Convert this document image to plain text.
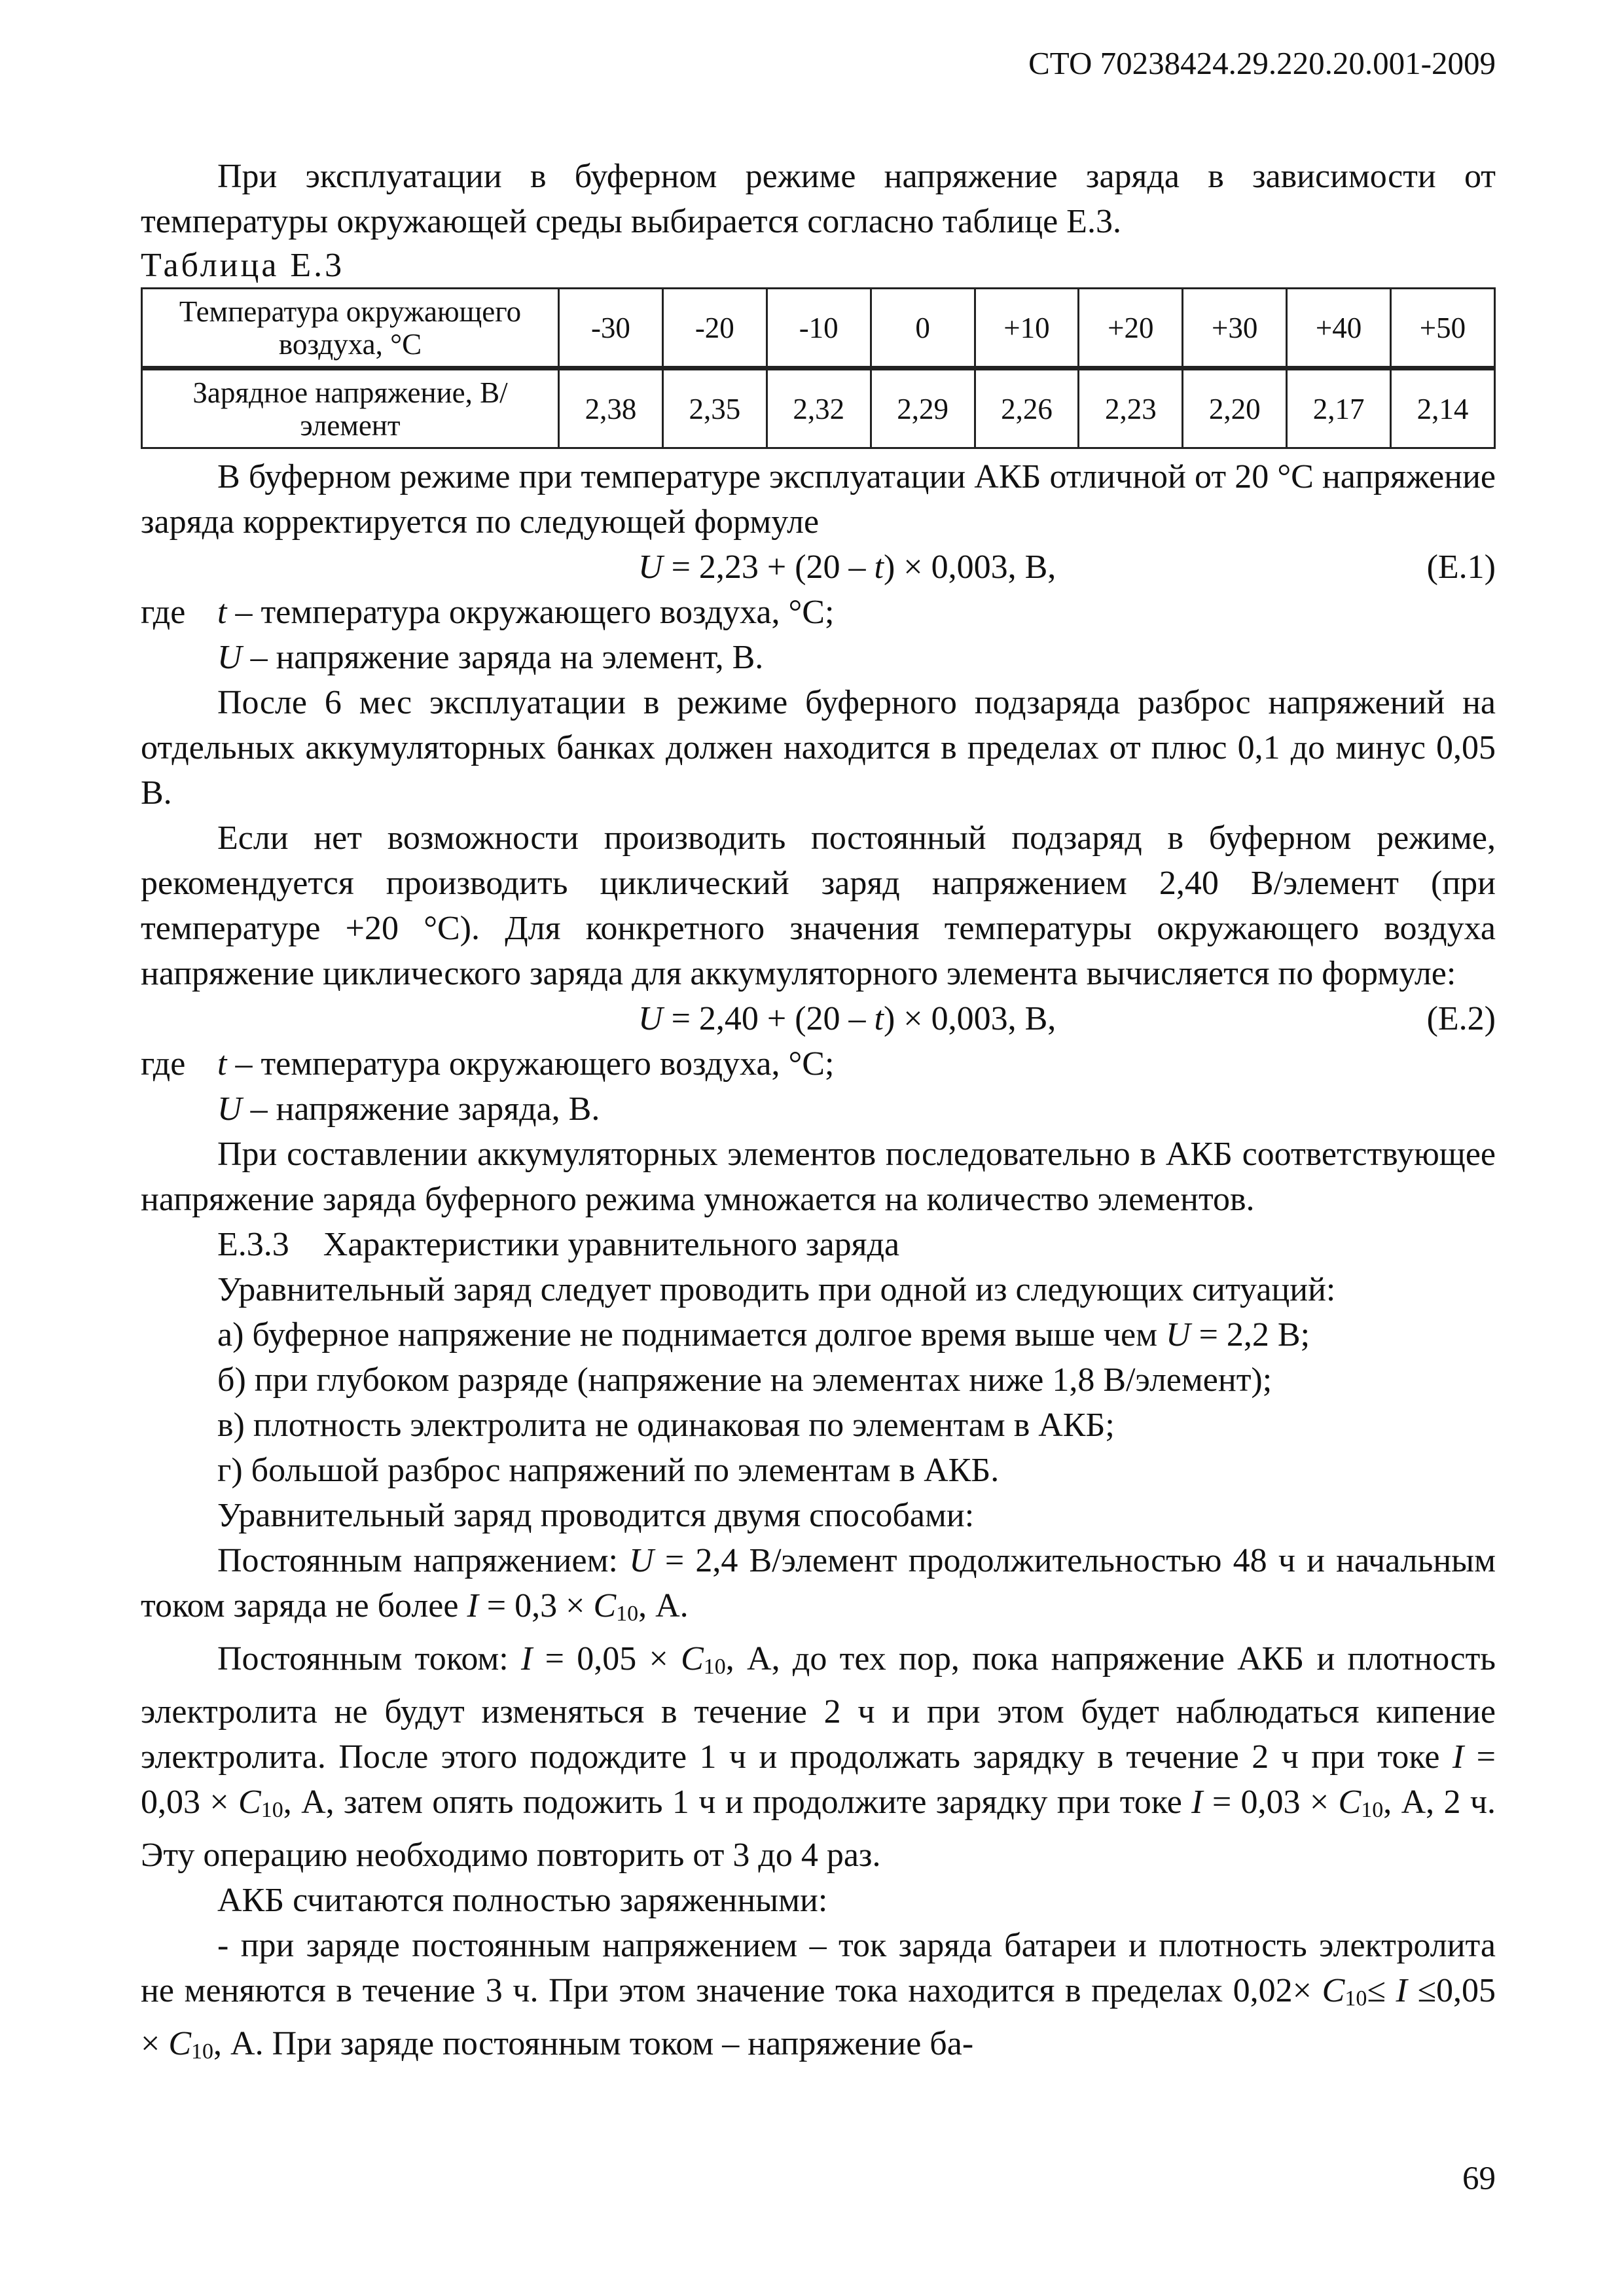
СТО 70238424.29.220.20.001-2009

При эксплуатации в буферном режиме напряжение заряда в зависимости от температуры окружающей среды выбирается согласно таблице Е.3.

Таблица Е.3

Температура окружающего воздуха, °С	-30	-20	-10	0	+10	+20	+30	+40	+50
Зарядное напряжение, В/элемент	2,38	2,35	2,32	2,29	2,26	2,23	2,20	2,17	2,14

В буферном режиме при температуре эксплуатации АКБ отличной от 20 °С напряжение заряда корректируется по следующей формуле

U = 2,23 + (20 – t) × 0,003, В,	(Е.1)
где t – температура окружающего воздуха, °С;
U – напряжение заряда на элемент, В.

После 6 мес эксплуатации в режиме буферного подзаряда разброс напряжений на отдельных аккумуляторных банках должен находится в пределах от плюс 0,1 до минус 0,05 В.

Если нет возможности производить постоянный подзаряд в буферном режиме, рекомендуется производить циклический заряд напряжением 2,40 В/элемент (при температуре +20 °С). Для конкретного значения температуры окружающего воздуха напряжение циклического заряда для аккумуляторного элемента вычисляется по формуле:

U = 2,40 + (20 – t) × 0,003, В,	(Е.2)
где t – температура окружающего воздуха, °С;
U – напряжение заряда, В.

При составлении аккумуляторных элементов последовательно в АКБ соответствующее напряжение заряда буферного режима умножается на количество элементов.

Е.3.3 Характеристики уравнительного заряда

Уравнительный заряд следует проводить при одной из следующих ситуаций:

а) буферное напряжение не поднимается долгое время выше чем U = 2,2 В;
б) при глубоком разряде (напряжение на элементах ниже 1,8 В/элемент);
в) плотность электролита не одинаковая по элементам в АКБ;
г) большой разброс напряжений по элементам в АКБ.

Уравнительный заряд проводится двумя способами:

Постоянным напряжением: U = 2,4 В/элемент продолжительностью 48 ч и начальным током заряда не более I = 0,3 × C10, А.

Постоянным током: I = 0,05 × C10, А, до тех пор, пока напряжение АКБ и плотность электролита не будут изменяться в течение 2 ч и при этом будет наблюдаться кипение электролита. После этого подождите 1 ч и продолжать зарядку в течение 2 ч при токе I = 0,03 × C10, А, затем опять подожить 1 ч и продолжите зарядку при токе I = 0,03 × C10, А, 2 ч. Эту операцию необходимо повторить от 3 до 4 раз.

АКБ считаются полностью заряженными:

- при заряде постоянным напряжением – ток заряда батареи и плотность электролита не меняются в течение 3 ч. При этом значение тока находится в пределах 0,02× C10≤ I ≤0,05 × C10, А. При заряде постоянным током – напряжение ба-

69
